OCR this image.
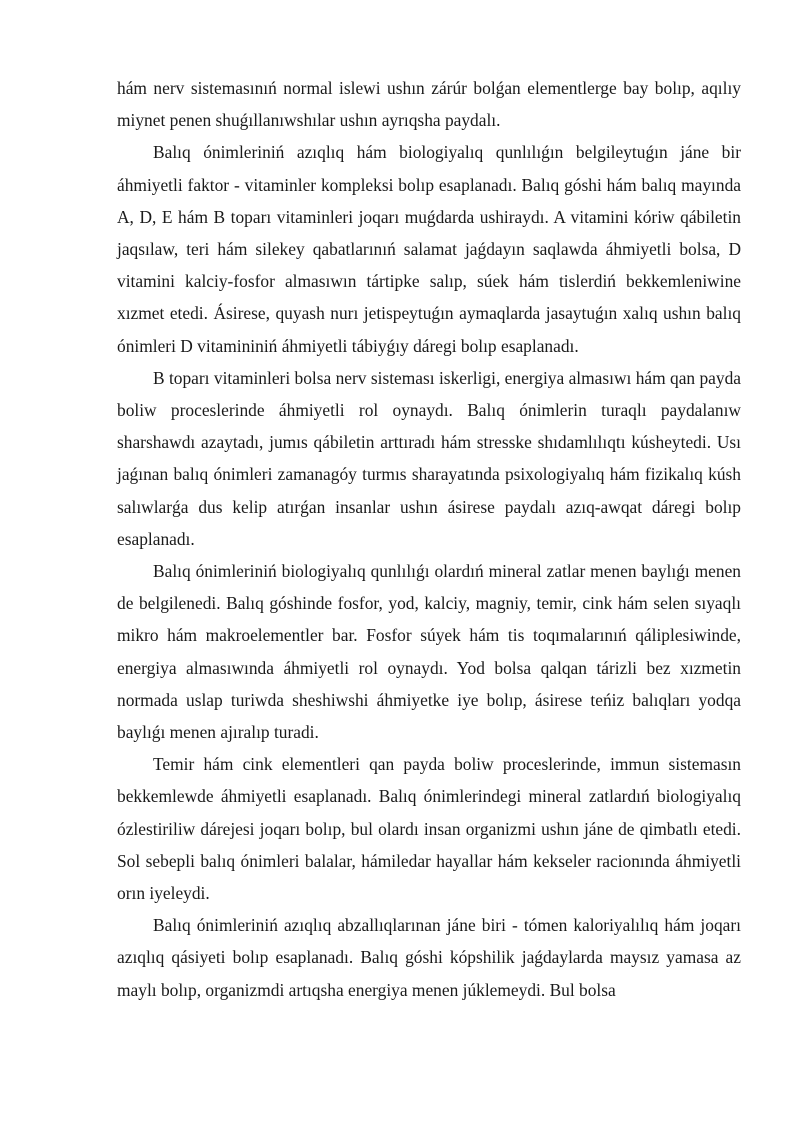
hám nerv sistemasınıń normal islewi ushın zárúr bolǵan elementlerge bay bolıp, aqılıy miynet penen shuǵıllanıwshılar ushın ayrıqsha paydalı.

Balıq ónimleriniń azıqlıq hám biologiyalıq qunlılıǵın belgileytuǵın jáne bir áhmiyetli faktor - vitaminler kompleksi bolıp esaplanadı. Balıq góshi hám balıq mayında A, D, E hám B toparı vitaminleri joqarı muǵdarda ushiraydı. A vitamini kóriw qábiletin jaqsılaw, teri hám silekey qabatlarınıń salamat jaǵdayın saqlawda áhmiyetli bolsa, D vitamini kalciy-fosfor almasıwın tártipke salıp, súek hám tislerdiń bekkemleniwine xızmet etedi. Ásirese, quyash nurı jetispeytuǵın aymaqlarda jasaytuǵın xalıq ushın balıq ónimleri D vitamininiń áhmiyetli tábiyǵıy dáregi bolıp esaplanadı.

B toparı vitaminleri bolsa nerv sisteması iskerligi, energiya almasıwı hám qan payda boliw proceslerinde áhmiyetli rol oynaydı. Balıq ónimlerin turaqlı paydalanıw sharshawdı azaytadı, jumıs qábiletin arttıradı hám stresske shıdamlılıqtı kúsheytedi. Usı jaǵınan balıq ónimleri zamanagóy turmıs sharayatında psixologiyalıq hám fizikalıq kúsh salıwlarǵa dus kelip atırǵan insanlar ushın ásirese paydalı azıq-awqat dáregi bolıp esaplanadı.

Balıq ónimleriniń biologiyalıq qunlılıǵı olardıń mineral zatlar menen baylıǵı menen de belgilenedi. Balıq góshinde fosfor, yod, kalciy, magniy, temir, cink hám selen sıyaqlı mikro hám makroelementler bar. Fosfor súyek hám tis toqımalarınıń qáliplesiwinde, energiya almasıwında áhmiyetli rol oynaydı. Yod bolsa qalqan tárizli bez xızmetin normada uslap turiwda sheshiwshi áhmiyetke iye bolıp, ásirese teńiz balıqları yodqa baylıǵı menen ajıralıp turadi.

Temir hám cink elementleri qan payda boliw proceslerinde, immun sistemasın bekkemlewde áhmiyetli esaplanadı. Balıq ónimlerindegi mineral zatlardıń biologiyalıq ózlestiriliw dárejesi joqarı bolıp, bul olardı insan organizmi ushın jáne de qimbatlı etedi. Sol sebepli balıq ónimleri balalar, hámiledar hayallar hám kekseler racionında áhmiyetli orın iyeleydi.

Balıq ónimleriniń azıqlıq abzallıqlarınan jáne biri - tómen kaloriyalılıq hám joqarı azıqlıq qásiyeti bolıp esaplanadı. Balıq góshi kópshilik jaǵdaylarda maysız yamasa az maylı bolıp, organizmdi artıqsha energiya menen júklemeydi. Bul bolsa
